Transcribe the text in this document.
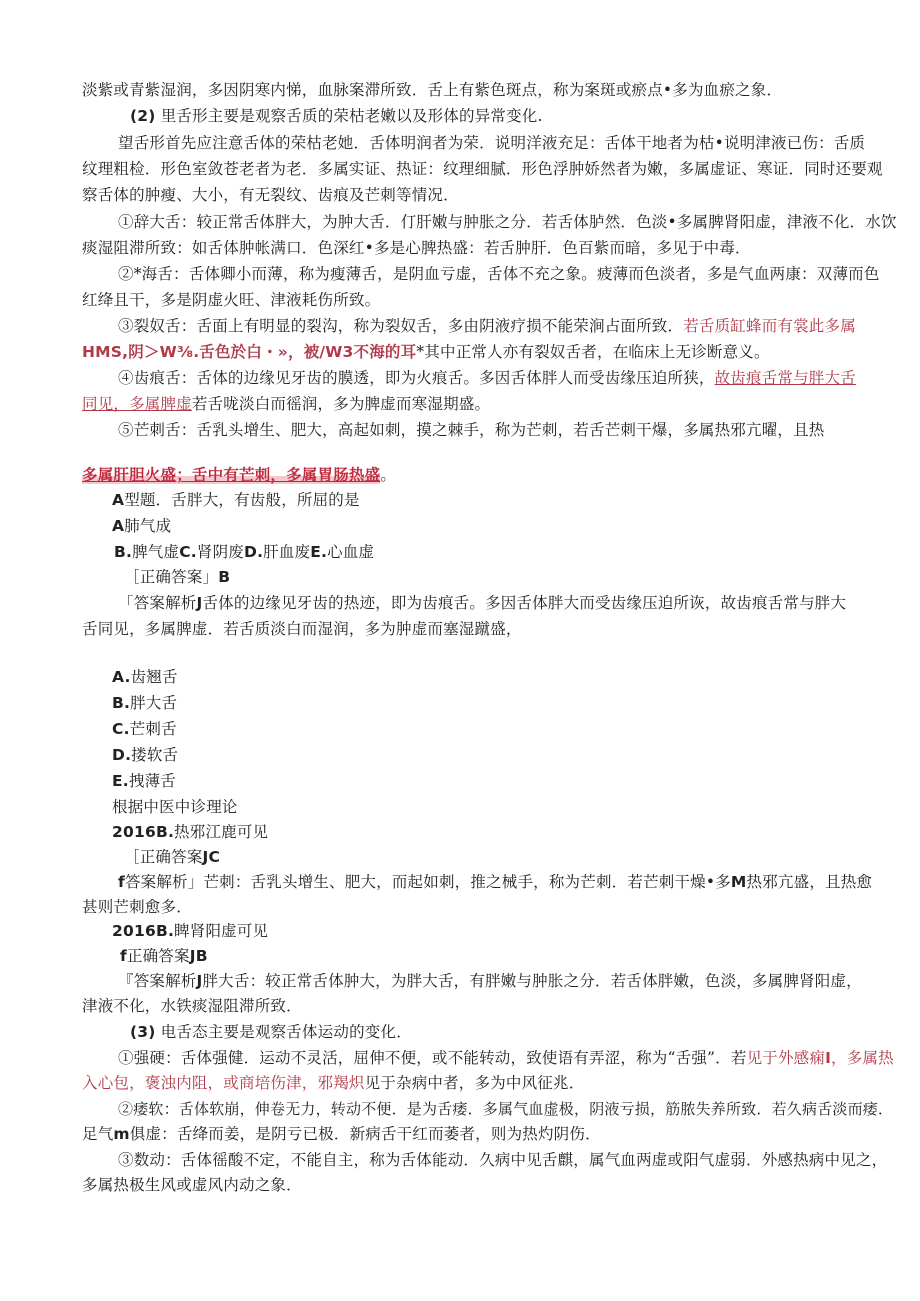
淡紫或青紫湿润，多因阴寒内悌，血脉案滞所致．舌上有紫色斑点，称为案斑或瘀点•多为血瘀之象．
(2) 里舌形主要是观察舌质的荣枯老嫩以及形体的异常变化.
望舌形首先应注意舌体的荣枯老她．舌体明润者为荣．说明洋液充足：舌体干地者为枯•说明津液已伤：舌质
纹理粗检．形色室敛苍老者为老．多属实证、热证：纹理细腻．形色浮肿娇然者为嫩，多属虚证、寒证．同时还要观
察舌体的肿瘦、大小，有无裂纹、齿痕及芒刺等情况．
①辞大舌：较正常舌体胖大，为肿大舌．仃肝嫩与肿胀之分．若舌体胪然．色淡•多属脾肾阳虚，津液不化．水饮
痰湿阻滞所致：如舌体肿帐满口．色深红•多是心脾热盛：若舌肿肝．色百紫而暗，多见于中毒．
②*海舌：舌体卿小而薄，称为瘦薄舌，是阴血亏虚，舌体不充之象。疲薄而色淡者，多是气血两康：双薄而色
红绛且干，多是阴虚火旺、津液耗伤所致。
③裂奴舌：舌面上有明显的裂沟，称为裂奴舌，多由阴液疗损不能荣涧占面所致．若舌质缸蜂而有裳此多属
HMS,阴＞W⅜.舌色於白・»，被/W3不海的耳*其中正常人亦有裂奴舌者，在临床上无诊断意义。
④齿痕舌：舌体的边缘见牙齿的膜透，即为火痕舌。多因舌体胖人而受齿缘压迫所狭，故齿痕舌常与胖大舌
同见，多属脾虚若舌咙淡白而徭润，多为脾虚而寒湿期盛。
⑤芒刺舌：舌乳头增生、肥大，高起如刺，摸之棘手，称为芒刺，若舌芒刺干爆，多属热邪亢曜，且热
多属肝胆火盛；舌中有芒刺，多属胃肠热盛。
A型题．舌胖大，有齿般，所屈的是
A肺气成
B.脾气虚C.肾阴废D.肝血废E.心血虚
［正确答案」B
「答案解析J舌体的边缘见牙齿的热迹，即为齿痕舌。多因舌体胖大而受齿缘压迫所诙，故齿痕舌常与胖大
舌同见，多属脾虚．若舌质淡白而湿润，多为肿虚而塞湿蹴盛，
A.齿翘舌
B.胖大舌
C.芒刺舌
D.搂软舌
E.拽薄舌
根据中医中诊理论
2016B.热邪江鹿可见
［正确答案JC
f答案解析」芒刺：舌乳头增生、肥大，而起如刺，推之械手，称为芒刺．若芒刺干燥•多M热邪亢盛，且热愈
甚则芒刺愈多．
2016B.睥肾阳虚可见
f正确答案JB
『答案解析J胖大舌：较正常舌体肿大，为胖大舌，有胖嫩与肿胀之分．若舌体胖嫩，色淡，多属脾肾阳虚，
津液不化，水铁痰湿阻滞所致．
(3) 电舌态主要是观察舌体运动的变化．
①强硬：舌体强健．运动不灵活，屈伸不便，或不能转动，致使语有弄涩，称为“舌强”．若见于外感痫I，多属热
入心包，褒浊内阻，或商培伤津，邪羯炽见于杂病中者，多为中风征兆．
②痿软：舌体软崩，伸卷无力，转动不便．是为舌痿．多属气血虚极，阴液亏损，筋脓失养所致．若久病舌淡而痿．
足气m俱虚：舌绛而姜，是阴亏已极．新病舌干红而萎者，则为热灼阴伤．
③数动：舌体徭酸不定，不能自主，称为舌体能动．久病中见舌麒，属气血两虚或阳气虚弱．外感热病中见之，
多属热极生风或虚风内动之象．
